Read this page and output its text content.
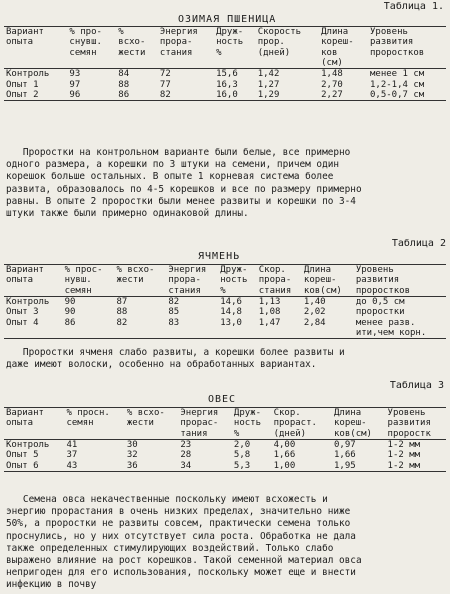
Таблица 1.
ОЗИМАЯ ПШЕНИЦА
Вариант
опыта	% про-
снувш.
семян	%
всхо-
жести	Энергия
прора-
стания	Друж-
ность
%	Скорость
прор.
(дней)	Длина
кореш-
ков
(см)	Уровень
развития
проростков
Контроль	93	84	72	15,6	1,42	1,48	менее 1 см
Опыт 1	97	88	77	16,3	1,27	2,70	1,2-1,4 см
Опыт 2	96	86	82	16,0	1,29	2,27	0,5-0,7 см
Проростки на контрольном варианте были белые, все примерно
одного размера, а корешки по 3 штуки на семени, причем один
корешок больше остальных. В опыте 1 корневая система более
развита, образовалось по 4-5 корешков и все по размеру примерно
равны. В опыте 2 проростки были менее развиты и корешки по 3-4
штуки также были примерно одинаковой длины.
Таблица 2
ЯЧМЕНЬ
Вариант
опыта	% прос-
нувш.
семян	% всхо-
жести	Энергия
прора-
стания	Друж-
ность
%	Скор.
прора-
стания	Длина
кореш-
ков(см)	Уровень
развития
проростков
Контроль	90	87	82	14,6	1,13	1,40	до 0,5 см
Опыт 3	90	88	85	14,8	1,08	2,02	проростки
Опыт 4	86	82	83	13,0	1,47	2,84	менее разв.
ити,чем корн.
Проростки ячменя слабо развиты, а корешки более развиты и
даже имеют волоски, особенно на обработанных вариантах.
Таблица 3
ОВЕС
Вариант
опыта	% просн.
семян	% всхо-
жести	Энергия
прорас-
тания	Друж-
ность
%	Скор.
прораст.
(дней)	Длина
кореш-
ков(см)	Уровень
развития
проростк
Контроль	41	30	23	2,0	4,00	0,97	1-2 мм
Опыт 5	37	32	28	5,8	1,66	1,66	1-2 мм
Опыт 6	43	36	34	5,3	1,00	1,95	1-2 мм
Семена овса некачественные поскольку имеют всхожесть и
энергию прорастания в очень низких пределах, значительно ниже
50%, а проростки не развиты совсем, практически семена только
проснулись, но у них отсутствует сила роста. Обработка не дала
также определенных стимулирующих воздействий. Только слабо
выражено влияние на рост корешков. Такой семенной материал овса
непригоден для его использования, поскольку может еще и внести
инфекцию в почву
